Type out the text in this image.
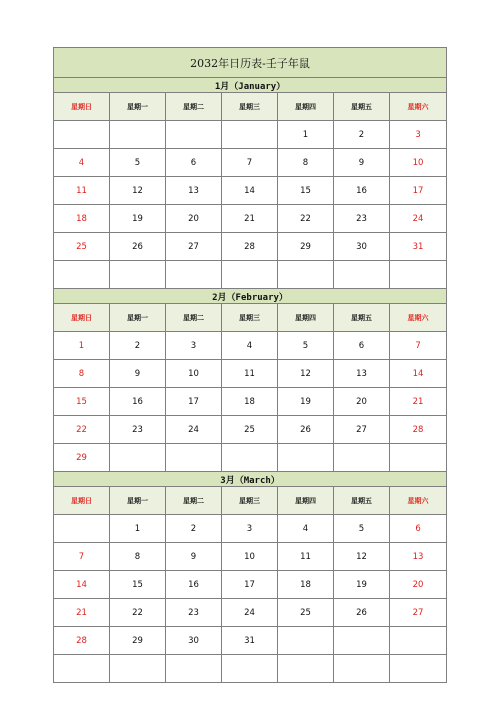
2032年日历表-壬子年鼠						
1月（January）						
星期日	星期一	星期二	星期三	星期四	星期五	星期六
				1	2	3
4	5	6	7	8	9	10
11	12	13	14	15	16	17
18	19	20	21	22	23	24
25	26	27	28	29	30	31

2月（February）						
星期日	星期一	星期二	星期三	星期四	星期五	星期六
1	2	3	4	5	6	7
8	9	10	11	12	13	14
15	16	17	18	19	20	21
22	23	24	25	26	27	28
29						
3月（March）						
星期日	星期一	星期二	星期三	星期四	星期五	星期六
	1	2	3	4	5	6
7	8	9	10	11	12	13
14	15	16	17	18	19	20
21	22	23	24	25	26	27
28	29	30	31			
